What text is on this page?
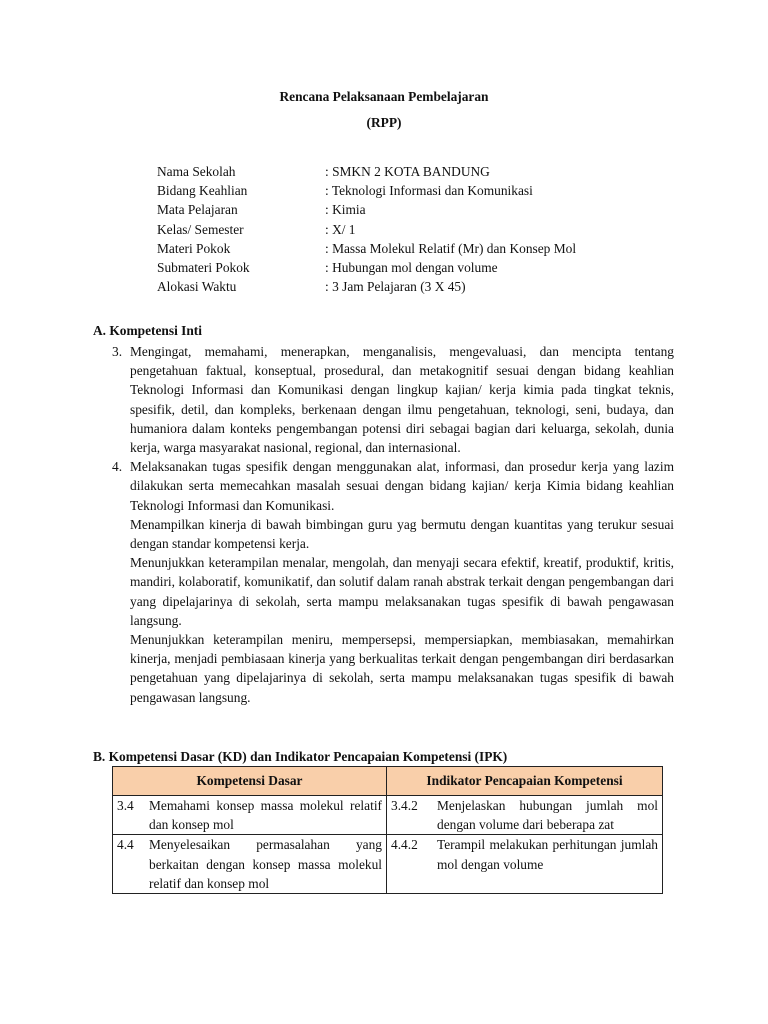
Rencana Pelaksanaan Pembelajaran
(RPP)
Nama Sekolah	: SMKN 2 KOTA BANDUNG
Bidang Keahlian	: Teknologi Informasi dan Komunikasi
Mata Pelajaran	: Kimia
Kelas/ Semester	: X/ 1
Materi Pokok	: Massa Molekul Relatif (Mr) dan Konsep Mol
Submateri Pokok	: Hubungan mol dengan volume
Alokasi Waktu	: 3 Jam Pelajaran (3 X 45)
A. Kompetensi Inti
3. Mengingat, memahami, menerapkan, menganalisis, mengevaluasi, dan mencipta tentang pengetahuan faktual, konseptual, prosedural, dan metakognitif sesuai dengan bidang keahlian Teknologi Informasi dan Komunikasi dengan lingkup kajian/ kerja kimia pada tingkat teknis, spesifik, detil, dan kompleks, berkenaan dengan ilmu pengetahuan, teknologi, seni, budaya, dan humaniora dalam konteks pengembangan potensi diri sebagai bagian dari keluarga, sekolah, dunia kerja, warga masyarakat nasional, regional, dan internasional.

4. Melaksanakan tugas spesifik dengan menggunakan alat, informasi, dan prosedur kerja yang lazim dilakukan serta memecahkan masalah sesuai dengan bidang kajian/ kerja Kimia bidang keahlian Teknologi Informasi dan Komunikasi.

Menampilkan kinerja di bawah bimbingan guru yag bermutu dengan kuantitas yang terukur sesuai dengan standar kompetensi kerja.

Menunjukkan keterampilan menalar, mengolah, dan menyaji secara efektif, kreatif, produktif, kritis, mandiri, kolaboratif, komunikatif, dan solutif dalam ranah abstrak terkait dengan pengembangan dari yang dipelajarinya di sekolah, serta mampu melaksanakan tugas spesifik di bawah pengawasan langsung.

Menunjukkan keterampilan meniru, mempersepsi, mempersiapkan, membiasakan, memahirkan kinerja, menjadi pembiasaan kinerja yang berkualitas terkait dengan pengembangan diri berdasarkan pengetahuan yang dipelajarinya di sekolah, serta mampu melaksanakan tugas spesifik di bawah pengawasan langsung.

B. Kompetensi Dasar (KD) dan Indikator Pencapaian Kompetensi (IPK)
Kompetensi Dasar	Indikator Pencapaian Kompetensi

3.4 Memahami konsep massa molekul relatif dan konsep mol	3.4.2 Menjelaskan hubungan jumlah mol dengan volume dari beberapa zat

4.4 Menyelesaikan permasalahan yang berkaitan dengan konsep massa molekul relatif dan konsep mol	4.4.2 Terampil melakukan perhitungan jumlah mol dengan volume
